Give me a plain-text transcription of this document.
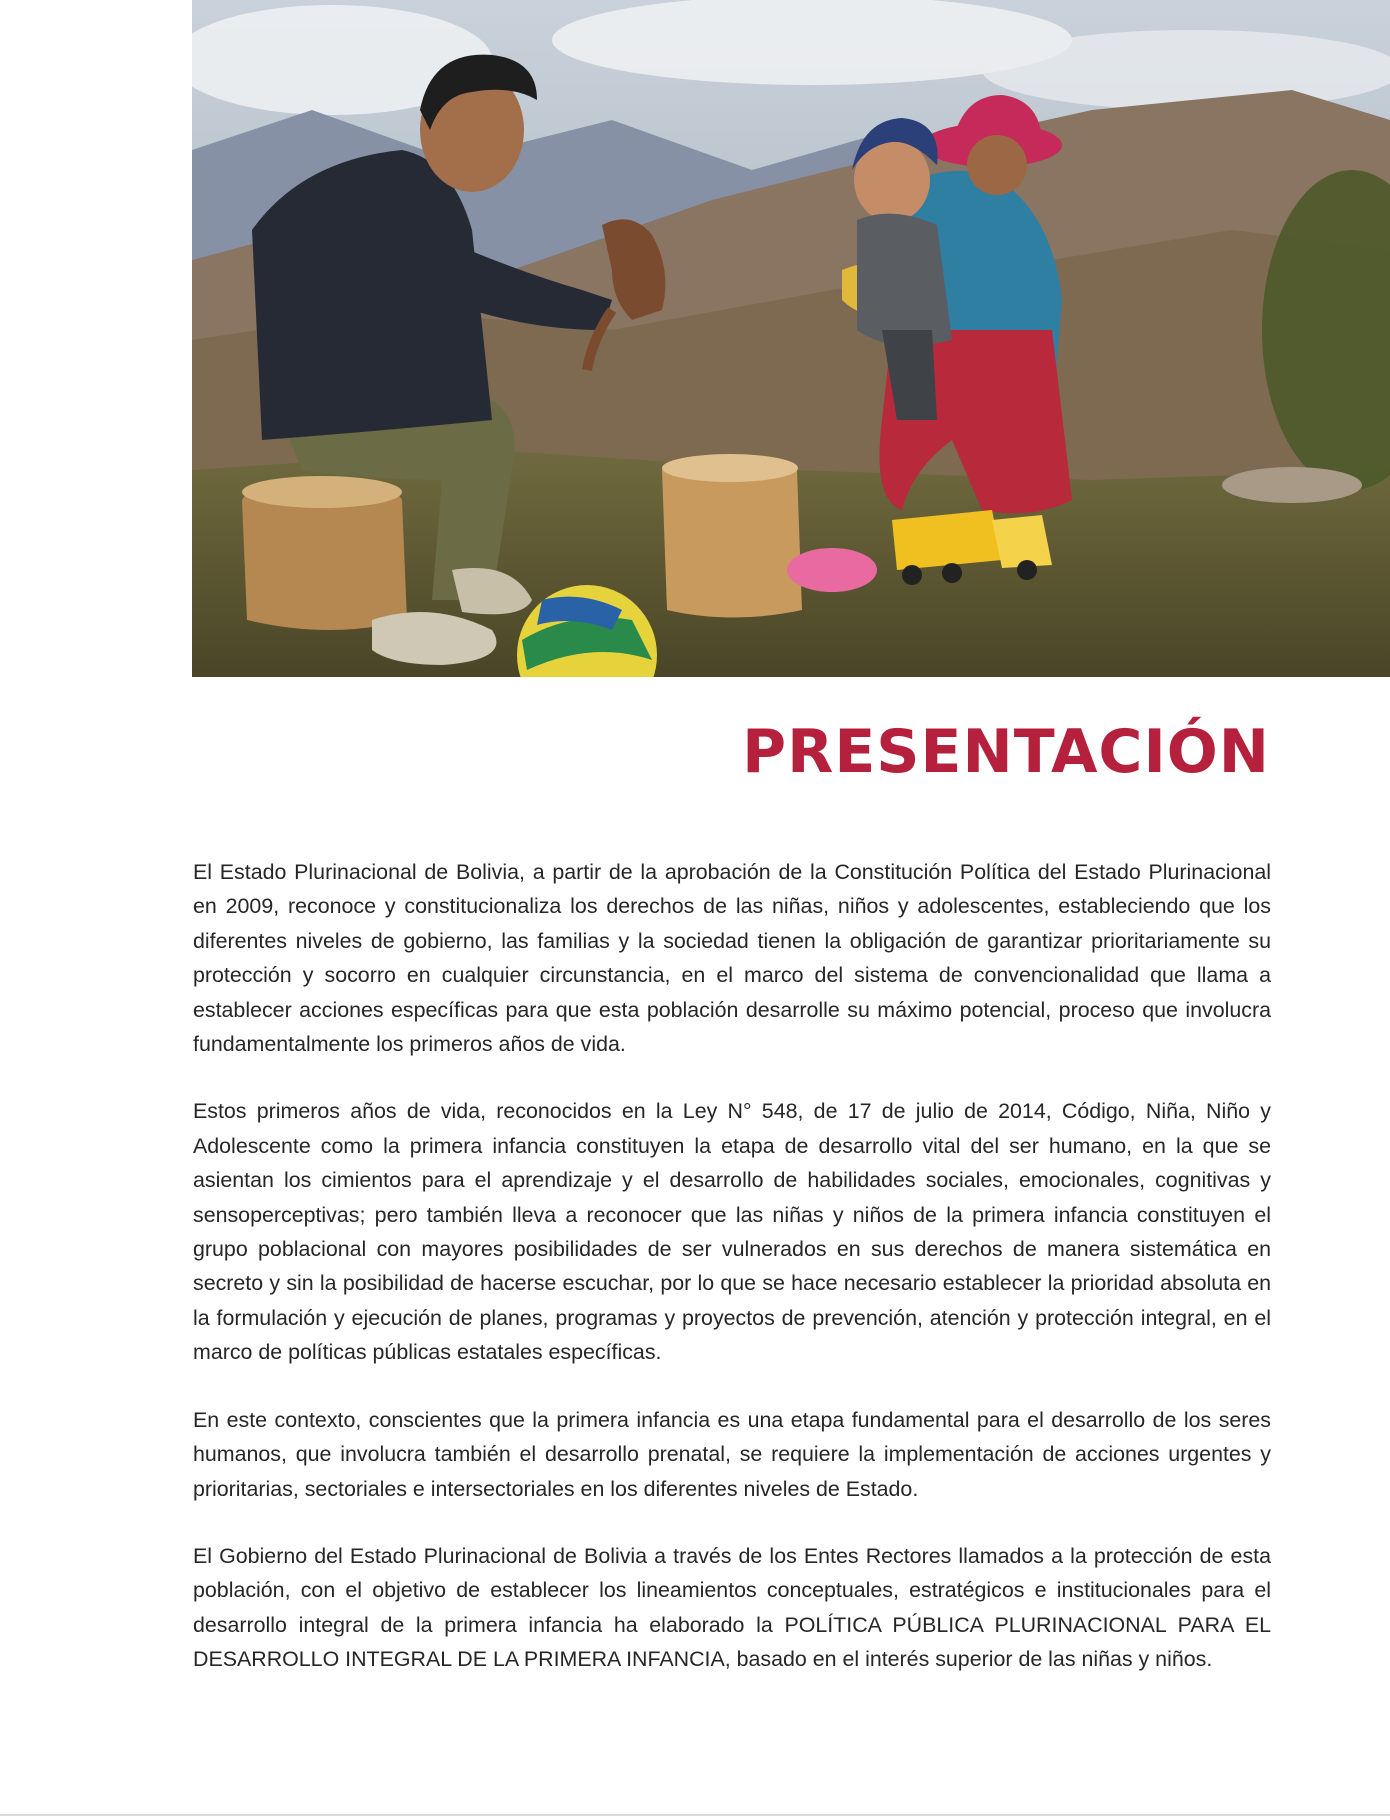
PRESENTACIÓN

El Estado Plurinacional de Bolivia, a partir de la aprobación de la Constitución Política del Estado Plurinacional en 2009, reconoce y constitucionaliza los derechos de las niñas, niños y adolescentes, estableciendo que los diferentes niveles de gobierno, las familias y la sociedad tienen la obligación de garantizar prioritariamente su protección y socorro en cualquier circunstancia, en el marco del sistema de convencionalidad que llama a establecer acciones específicas para que esta población desarrolle su máximo potencial, proceso que involucra fundamentalmente los primeros años de vida.

Estos primeros años de vida, reconocidos en la Ley N° 548, de 17 de julio de 2014, Código, Niña, Niño y Adolescente como la primera infancia constituyen la etapa de desarrollo vital del ser humano, en la que se asientan los cimientos para el aprendizaje y el desarrollo de habilidades sociales, emocionales, cognitivas y sensoperceptivas; pero también lleva a reconocer que las niñas y niños de la primera infancia constituyen el grupo poblacional con mayores posibilidades de ser vulnerados en sus derechos de manera sistemática en secreto y sin la posibilidad de hacerse escuchar, por lo que se hace necesario establecer la prioridad absoluta en la formulación y ejecución de planes, programas y proyectos de prevención, atención y protección integral, en el marco de políticas públicas estatales específicas.

En este contexto, conscientes que la primera infancia es una etapa fundamental para el desarrollo de los seres humanos, que involucra también el desarrollo prenatal, se requiere la implementación de acciones urgentes y prioritarias, sectoriales e intersectoriales en los diferentes niveles de Estado.

El Gobierno del Estado Plurinacional de Bolivia a través de los Entes Rectores llamados a la protección de esta población, con el objetivo de establecer los lineamientos conceptuales, estratégicos e institucionales para el desarrollo integral de la primera infancia ha elaborado la POLÍTICA PÚBLICA PLURINACIONAL PARA EL DESARROLLO INTEGRAL DE LA PRIMERA INFANCIA, basado en el interés superior de las niñas y niños.
